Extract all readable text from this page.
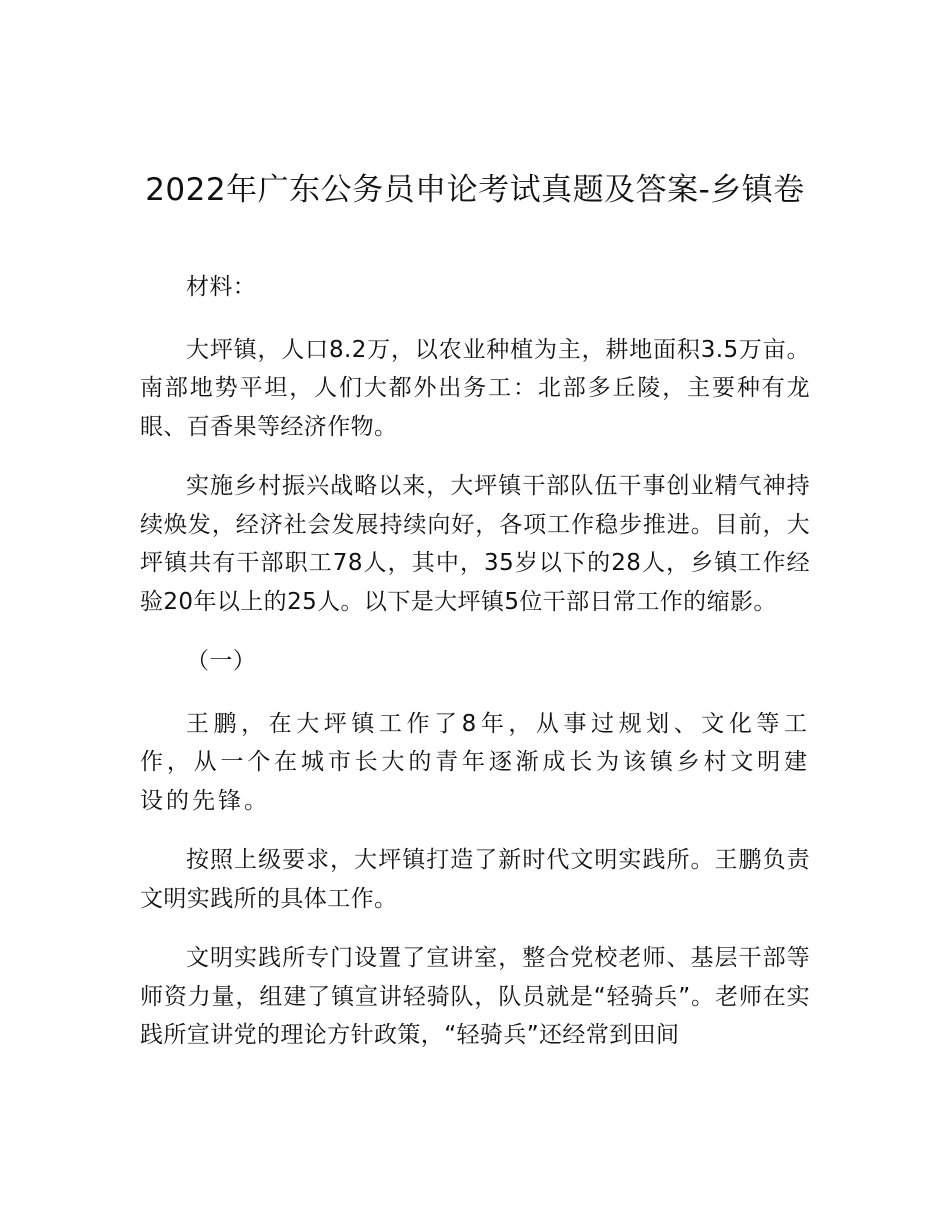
2022年广东公务员申论考试真题及答案-乡镇卷

材料：

大坪镇，人口8.2万，以农业种植为主，耕地面积3.5万亩。南部地势平坦，人们大都外出务工：北部多丘陵，主要种有龙眼、百香果等经济作物。

实施乡村振兴战略以来，大坪镇干部队伍干事创业精气神持续焕发，经济社会发展持续向好，各项工作稳步推进。目前，大坪镇共有干部职工78人，其中，35岁以下的28人，乡镇工作经验20年以上的25人。以下是大坪镇5位干部日常工作的缩影。

（一）

王鹏，在大坪镇工作了8年，从事过规划、文化等工作，从一个在城市长大的青年逐渐成长为该镇乡村文明建设的先锋。

按照上级要求，大坪镇打造了新时代文明实践所。王鹏负责文明实践所的具体工作。

文明实践所专门设置了宣讲室，整合党校老师、基层干部等师资力量，组建了镇宣讲轻骑队，队员就是“轻骑兵”。老师在实践所宣讲党的理论方针政策，“轻骑兵”还经常到田间
